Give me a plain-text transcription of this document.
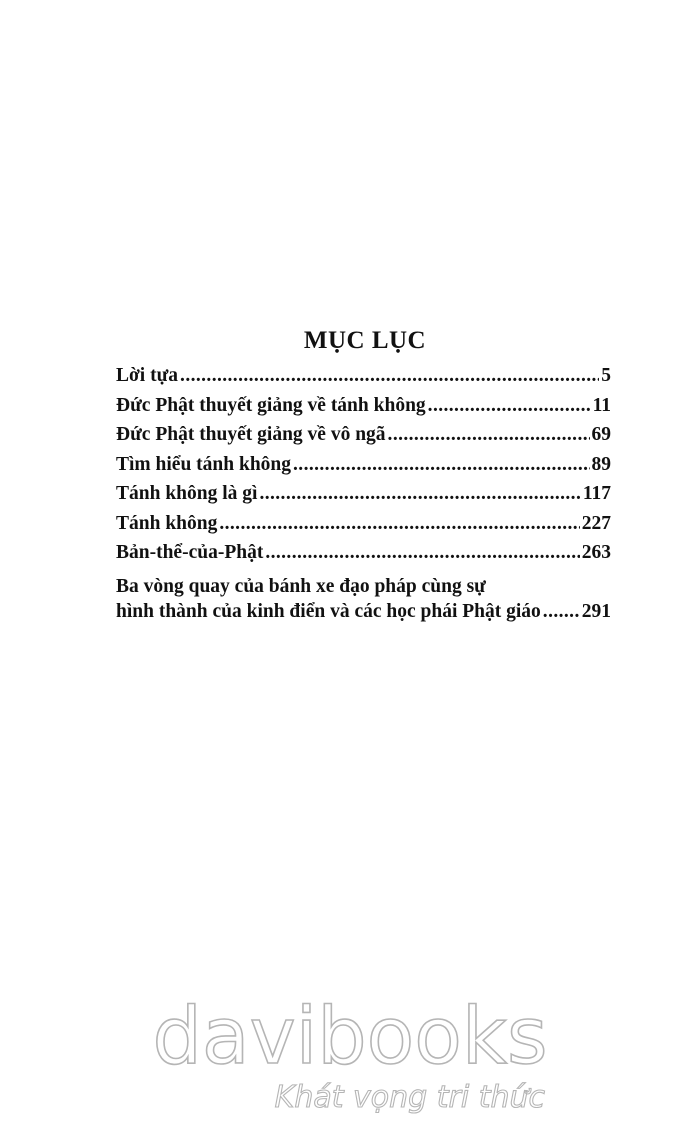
MỤC LỤC
Lời tựa .....	5
Đức Phật thuyết giảng về tánh không .....	11
Đức Phật thuyết giảng về vô ngã .....	69
Tìm hiểu tánh không .....	89
Tánh không là gì .....	117
Tánh không .....	227
Bản-thể-của-Phật .....	263
Ba vòng quay của bánh xe đạo pháp cùng sự
hình thành của kinh điển và các học phái Phật giáo ..... 291
davibooks
Khát vọng tri thức
